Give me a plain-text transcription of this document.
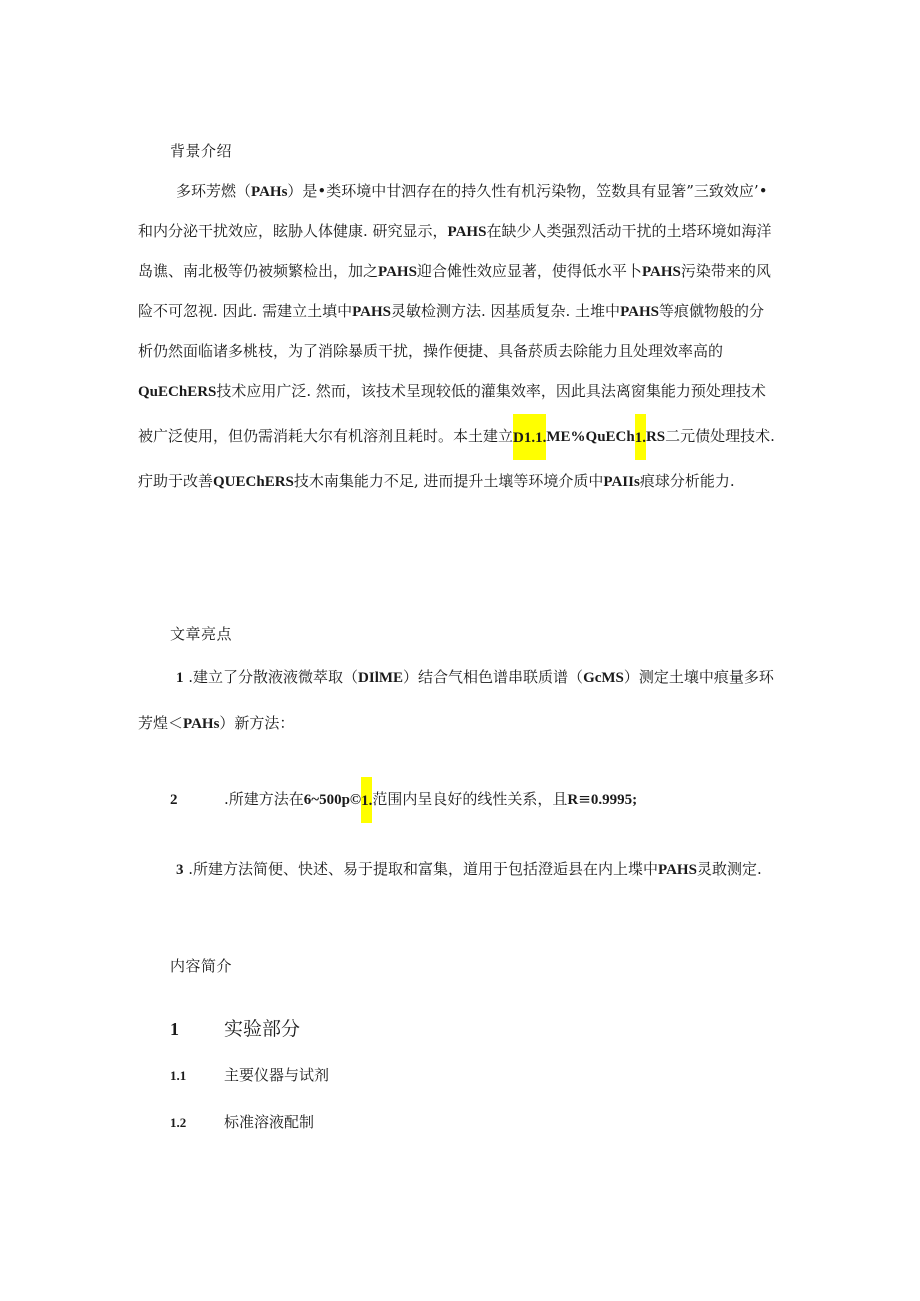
背景介绍
多环芳燃（PAHs）是•类环境中甘泗存在的持久性有机污染物，笠数具有显箸”三致效应’•
和内分泌干扰效应，眩胁人体健康. 研究显示，PAHS在缺少人类强烈活动干扰的土塔环境如海洋
岛谯、南北极等仍被频繁检出，加之PAHS迎合傩性效应显著，使得低水平卜PAHS污染带来的风
险不可忽视. 因此. 需建立土填中PAHS灵敏检测方法. 因基质复杂. 土堆中PAHS等痕僦物般的分
析仍然面临诸多桃枝，为了消除暴质干扰，操作便捷、具备菸质去除能力且处理效率高的
QuEChERS技术应用广泛. 然而，该技术呈现较低的灌集效率，因此具法离窗集能力预处理技术
被广泛使用，但仍需消耗大尔有机溶剂且耗时。本土建立D1.1.ME%QuECh1.RS二元债处理技术.
疔助于改善QUEChERS技木南集能力不足, 进而提升土壤等环境介质中PAIIs痕球分析能力.
文章亮点
1 .建立了分散液液微萃取（DIlME）结合气相色谱串联质谱（GcMS）测定土壤中痕量多环
芳煌＜PAHs）新方法：
2	.所建方法在6~500p©1.范围内呈良好的线性关系，且R≡0.9995;
3 .所建方法简便、快述、易于提取和富集，道用于包括澄逅县在内上堞中PAHS灵敢测定.
内容简介
1 实验部分
1.1	主要仪器与试剂
1.2	标准溶液配制
